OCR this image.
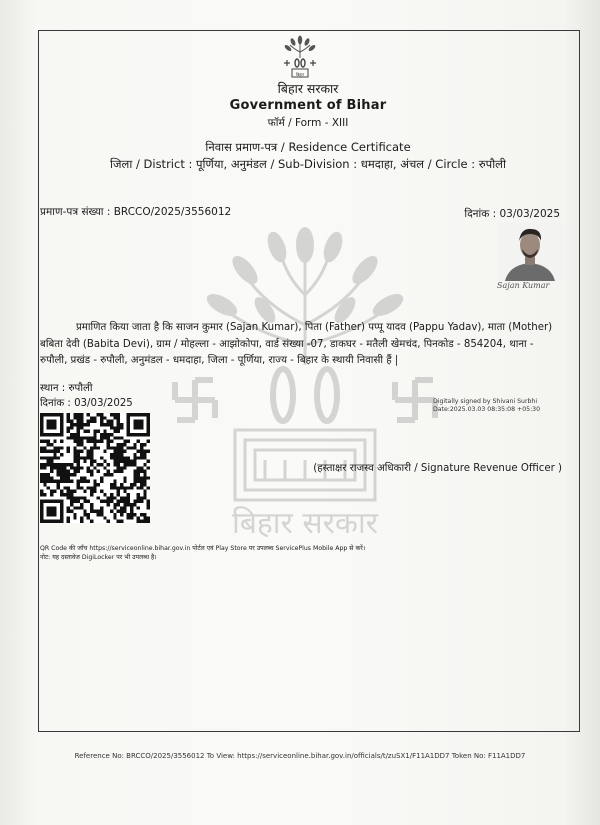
बिहार सरकार
बिहार
बिहार सरकार
Government of Bihar
फॉर्म / Form - XIII
निवास प्रमाण-पत्र / Residence Certificate
जिला / District : पूर्णिया, अनुमंडल / Sub-Division : धमदाहा, अंचल / Circle : रुपौली
प्रमाण-पत्र संख्या : BRCCO/2025/3556012	दिनांक : 03/03/2025
Sajan Kumar
प्रमाणित किया जाता है कि साजन कुमार (Sajan Kumar), पिता (Father) पप्पू यादव (Pappu Yadav), माता (Mother) बबिता देवी (Babita Devi), ग्राम / मोहल्ला - आझोकोपा, वार्ड संख्या -07, डाकघर - मतैली खेमचंद, पिनकोड - 854204, थाना - रुपौली, प्रखंड - रुपौली, अनुमंडल - धमदाहा, जिला - पूर्णिया, राज्य - बिहार के स्थायी निवासी हैं |
स्थान : रुपौली
दिनांक : 03/03/2025	Digitally signed by Shivani Surbhi
Date:2025.03.03 08:35:08 +05:30
(हस्ताक्षर राजस्व अधिकारी / Signature Revenue Officer )
QR Code की जाँच https://serviceonline.bihar.gov.in पोर्टल एवं Play Store पर उपलब्ध ServicePlus Mobile App से करें।
नोट: यह दस्तावेज DigiLocker पर भी उपलब्ध है।
Reference No: BRCCO/2025/3556012 To View: https://serviceonline.bihar.gov.in/officials/t/zuSX1/F11A1DD7 Token No: F11A1DD7
